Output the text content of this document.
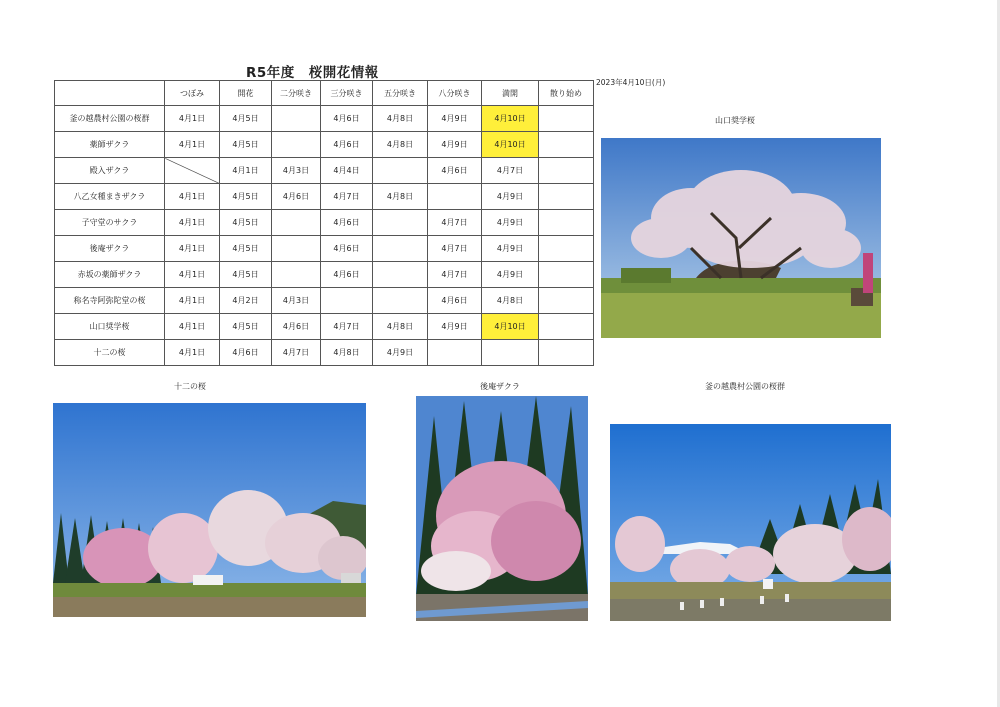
R5年度　桜開花情報
2023年4月10日(月)
	つぼみ	開花	二分咲き	三分咲き	五分咲き	八分咲き	満開	散り始め
釜の越農村公園の桜群	4月1日	4月5日		4月6日	4月8日	4月9日	4月10日	
薬師ザクラ	4月1日	4月5日		4月6日	4月8日	4月9日	4月10日	
殿入ザクラ		4月1日	4月3日	4月4日		4月6日	4月7日	
八乙女種まきザクラ	4月1日	4月5日	4月6日	4月7日	4月8日		4月9日	
子守堂のサクラ	4月1日	4月5日		4月6日		4月7日	4月9日	
後庵ザクラ	4月1日	4月5日		4月6日		4月7日	4月9日	
赤坂の薬師ザクラ	4月1日	4月5日		4月6日		4月7日	4月9日	
称名寺阿弥陀堂の桜	4月1日	4月2日	4月3日			4月6日	4月8日	
山口奨学桜	4月1日	4月5日	4月6日	4月7日	4月8日	4月9日	4月10日	
十二の桜	4月1日	4月6日	4月7日	4月8日	4月9日			
山口奨学桜
十二の桜	後庵ザクラ	釜の越農村公園の桜群
